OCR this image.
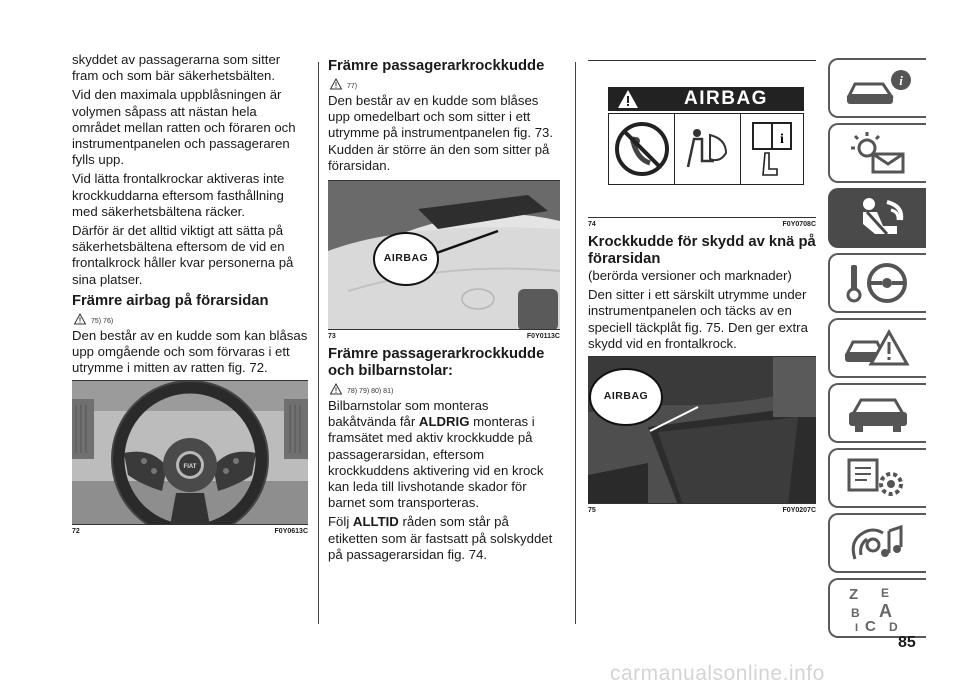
skyddet av passagerarna som sitter fram och som bär säkerhetsbälten.

Vid den maximala uppblåsningen är volymen såpass att nästan hela området mellan ratten och föraren och instrumentpanelen och passageraren fylls upp.

Vid lätta frontalkrockar aktiveras inte krockkuddarna eftersom fasthållning med säkerhetsbältena räcker.

Därför är det alltid viktigt att sätta på säkerhetsbältena eftersom de vid en frontalkrock håller kvar personerna på sina platser.

Främre airbag på förarsidan
75) 76)

Den består av en kudde som kan blåsas upp omgående och som förvaras i ett utrymme i mitten av ratten fig. 72.

FIAT
72	F0Y0613C
Främre passagerarkrockkudde
77)

Den består av en kudde som blåses upp omedelbart och som sitter i ett utrymme på instrumentpanelen fig. 73. Kudden är större än den som sitter på förarsidan.

AIRBAG
73	F0Y0113C
Främre passagerarkrockkudde och bilbarnstolar:
78) 79) 80) 81)

Bilbarnstolar som monteras bakåtvända får ALDRIG monteras i framsätet med aktiv krockkudde på passagerarsidan, eftersom krockkuddens aktivering vid en krock kan leda till livshotande skador för barnet som transporteras.

Följ ALLTID råden som står på etiketten som är fastsatt på solskyddet på passagerarsidan fig. 74.

AIRBAG
i
74	F0Y0708C
Krockkudde för skydd av knä på förarsidan

(berörda versioner och marknader)

Den sitter i ett särskilt utrymme under instrumentpanelen och täcks av en speciell täckplåt fig. 75. Den ger extra skydd vid en frontalkrock.

AIRBAG
75	F0Y0207C
i
Z E
B A
I C D
85
carmanualsonline.info
